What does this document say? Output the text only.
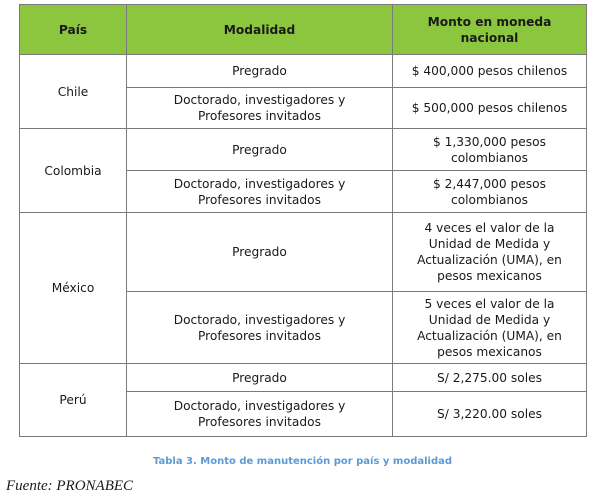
País	Modalidad	Monto en moneda
nacional

Chile	Pregrado	$ 400,000 pesos chilenos

	Doctorado, investigadores y
Profesores invitados	$ 500,000 pesos chilenos

Colombia	Pregrado	$ 1,330,000 pesos
colombianos

	Doctorado, investigadores y
Profesores invitados	$ 2,447,000 pesos
colombianos

México	Pregrado	4 veces el valor de la
Unidad de Medida y
Actualización (UMA), en
pesos mexicanos

	Doctorado, investigadores y
Profesores invitados	5 veces el valor de la
Unidad de Medida y
Actualización (UMA), en
pesos mexicanos

Perú	Pregrado	S/ 2,275.00 soles

	Doctorado, investigadores y
Profesores invitados	S/ 3,220.00 soles
Tabla 3. Monto de manutención por país y modalidad
Fuente: PRONABEC
